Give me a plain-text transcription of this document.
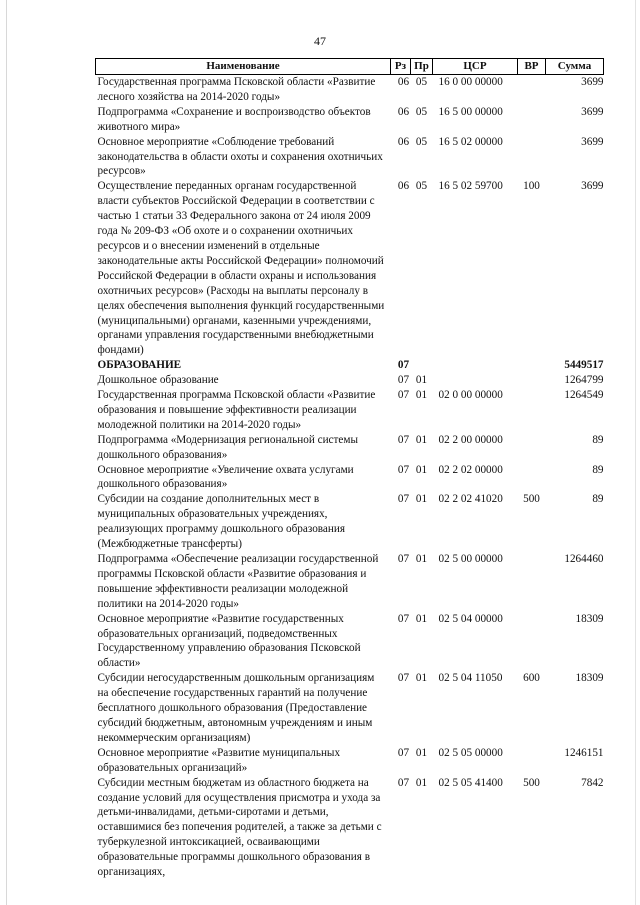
47
Наименование	Рз	Пр	ЦСР	ВР	Сумма
Государственная программа Псковской области «Развитие лесного хозяйства на 2014-2020 годы»	06	05	16 0 00 00000		3699
Подпрограмма «Сохранение и воспроизводство объектов животного мира»	06	05	16 5 00 00000		3699
Основное мероприятие «Соблюдение требований законодательства в области охоты и сохранения охотничьих ресурсов»	06	05	16 5 02 00000		3699
Осуществление переданных органам государственной власти субъектов Российской Федерации в соответствии с частью 1 статьи 33 Федерального закона от 24 июля 2009 года № 209-ФЗ «Об охоте и о сохранении охотничьих ресурсов и о внесении изменений в отдельные законодательные акты Российской Федерации» полномочий Российской Федерации в области охраны и использования охотничьих ресурсов» (Расходы на выплаты персоналу в целях обеспечения выполнения функций государственными (муниципальными) органами, казенными учреждениями, органами управления государственными внебюджетными фондами)	06	05	16 5 02 59700	100	3699
ОБРАЗОВАНИЕ	07				5449517
Дошкольное образование	07	01			1264799
Государственная программа Псковской области «Развитие образования и повышение эффективности реализации молодежной политики на 2014-2020 годы»	07	01	02 0 00 00000		1264549
Подпрограмма «Модернизация региональной системы дошкольного образования»	07	01	02 2 00 00000		89
Основное мероприятие «Увеличение охвата услугами дошкольного образования»	07	01	02 2 02 00000		89
Субсидии на создание дополнительных мест в муниципальных образовательных учреждениях, реализующих программу дошкольного образования (Межбюджетные трансферты)	07	01	02 2 02 41020	500	89
Подпрограмма «Обеспечение реализации государственной программы Псковской области «Развитие образования и повышение эффективности реализации молодежной политики на 2014-2020 годы»	07	01	02 5 00 00000		1264460
Основное мероприятие «Развитие государственных образовательных организаций, подведомственных Государственному управлению образования Псковской области»	07	01	02 5 04 00000		18309
Субсидии негосударственным дошкольным организациям на обеспечение государственных гарантий на получение бесплатного дошкольного образования (Предоставление субсидий бюджетным, автономным учреждениям и иным некоммерческим организациям)	07	01	02 5 04 11050	600	18309
Основное мероприятие «Развитие муниципальных образовательных организаций»	07	01	02 5 05 00000		1246151
Субсидии местным бюджетам из областного бюджета на создание условий для осуществления присмотра и ухода за детьми-инвалидами, детьми-сиротами и детьми, оставшимися без попечения родителей, а также за детьми с туберкулезной интоксикацией, осваивающими образовательные программы дошкольного образования в организациях,	07	01	02 5 05 41400	500	7842
